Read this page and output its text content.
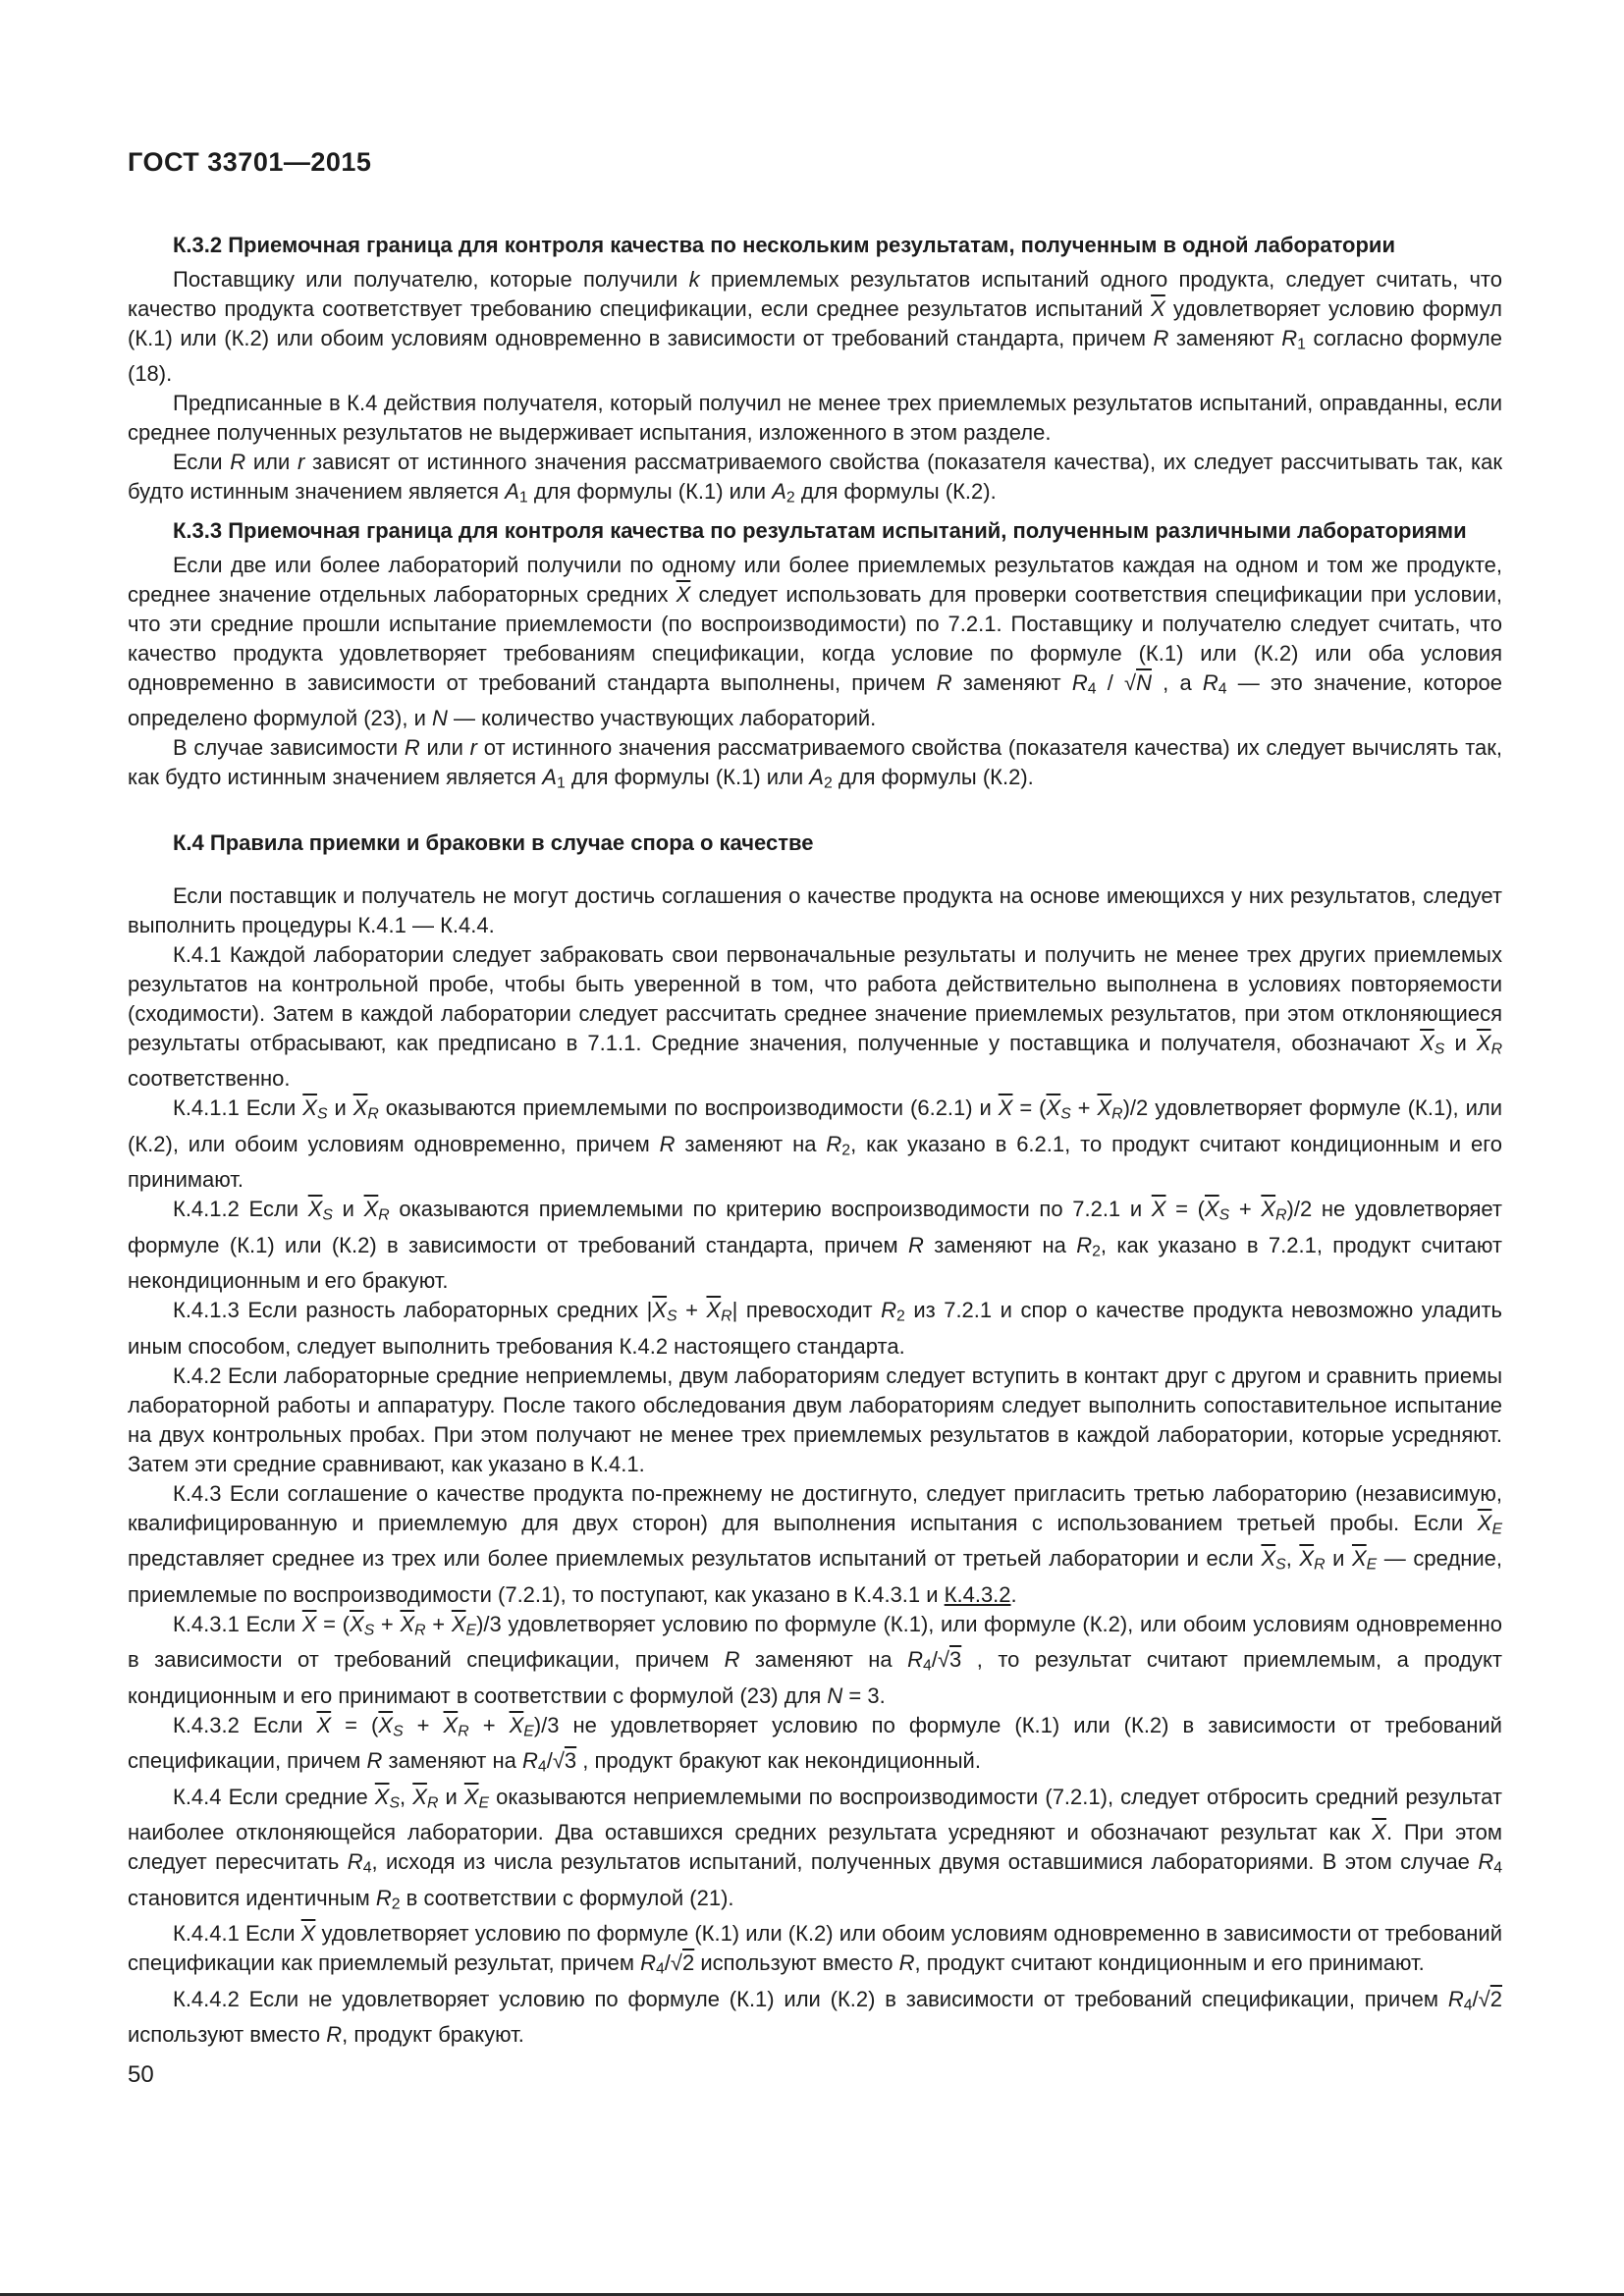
ГОСТ 33701—2015

К.3.2 Приемочная граница для контроля качества по нескольким результатам, полученным в одной лаборатории

Поставщику или получателю, которые получили k приемлемых результатов испытаний одного продукта, следует считать, что качество продукта соответствует требованию спецификации, если среднее результатов испытаний $\overline{X}$ удовлетворяет условию формул (К.1) или (К.2) или обоим условиям одновременно в зависимости от требований стандарта, причем R заменяют R1 согласно формуле (18).

Предписанные в К.4 действия получателя, который получил не менее трех приемлемых результатов испытаний, оправданны, если среднее полученных результатов не выдерживает испытания, изложенного в этом разделе.

Если R или r зависят от истинного значения рассматриваемого свойства (показателя качества), их следует рассчитывать так, как будто истинным значением является A1 для формулы (К.1) или A2 для формулы (К.2).

К.3.3 Приемочная граница для контроля качества по результатам испытаний, полученным различными лабораториями

Если две или более лабораторий получили по одному или более приемлемых результатов каждая на одном и том же продукте, среднее значение отдельных лабораторных средних $\overline{X}$ следует использовать для проверки соответствия спецификации при условии, что эти средние прошли испытание приемлемости (по воспроизводимости) по 7.2.1. Поставщику и получателю следует считать, что качество продукта удовлетворяет требованиям спецификации, когда условие по формуле (К.1) или (К.2) или оба условия одновременно в зависимости от требований стандарта выполнены, причем R заменяют R4 / √N , а R4 — это значение, которое определено формулой (23), и N — количество участвующих лабораторий.

В случае зависимости R или r от истинного значения рассматриваемого свойства (показателя качества) их следует вычислять так, как будто истинным значением является A1 для формулы (К.1) или A2 для формулы (К.2).

К.4 Правила приемки и браковки в случае спора о качестве

Если поставщик и получатель не могут достичь соглашения о качестве продукта на основе имеющихся у них результатов, следует выполнить процедуры К.4.1 — К.4.4.

К.4.1 Каждой лаборатории следует забраковать свои первоначальные результаты и получить не менее трех других приемлемых результатов на контрольной пробе, чтобы быть уверенной в том, что работа действительно выполнена в условиях повторяемости (сходимости). Затем в каждой лаборатории следует рассчитать среднее значение приемлемых результатов, при этом отклоняющиеся результаты отбрасывают, как предписано в 7.1.1. Средние значения, полученные у поставщика и получателя, обозначают $\overline{X}S$ и $\overline{X}R$ соответственно.

К.4.1.1 Если $\overline{X}S$ и $\overline{X}R$ оказываются приемлемыми по воспроизводимости (6.2.1) и $\overline{X} = (\overline{X}S + \overline{X}R)/2$ удовлетворяет формуле (К.1), или (К.2), или обоим условиям одновременно, причем R заменяют на R2, как указано в 6.2.1, то продукт считают кондиционным и его принимают.

К.4.1.2 Если $\overline{X}S$ и $\overline{X}R$ оказываются приемлемыми по критерию воспроизводимости по 7.2.1 и $\overline{X} = (\overline{X}S + \overline{X}R)/2$ не удовлетворяет формуле (К.1) или (К.2) в зависимости от требований стандарта, причем R заменяют на R2, как указано в 7.2.1, продукт считают некондиционным и его бракуют.

К.4.1.3 Если разность лабораторных средних $|\overline{X}S + \overline{X}R|$ превосходит R2 из 7.2.1 и спор о качестве продукта невозможно уладить иным способом, следует выполнить требования К.4.2 настоящего стандарта.

К.4.2 Если лабораторные средние неприемлемы, двум лабораториям следует вступить в контакт друг с другом и сравнить приемы лабораторной работы и аппаратуру. После такого обследования двум лабораториям следует выполнить сопоставительное испытание на двух контрольных пробах. При этом получают не менее трех приемлемых результатов в каждой лаборатории, которые усредняют. Затем эти средние сравнивают, как указано в К.4.1.

К.4.3 Если соглашение о качестве продукта по-прежнему не достигнуто, следует пригласить третью лабораторию (независимую, квалифицированную и приемлемую для двух сторон) для выполнения испытания с использованием третьей пробы. Если $\overline{X}E$ представляет среднее из трех или более приемлемых результатов испытаний от третьей лаборатории и если $\overline{X}S$, $\overline{X}R$ и $\overline{X}E$ — средние, приемлемые по воспроизводимости (7.2.1), то поступают, как указано в К.4.3.1 и К.4.3.2.

К.4.3.1 Если $\overline{X} = (\overline{X}S + \overline{X}R + \overline{X}E)/3$ удовлетворяет условию по формуле (К.1), или формуле (К.2), или обоим условиям одновременно в зависимости от требований спецификации, причем R заменяют на R4/√3 , то результат считают приемлемым, а продукт кондиционным и его принимают в соответствии с формулой (23) для N = 3.

К.4.3.2 Если $\overline{X} = (\overline{X}S + \overline{X}R + \overline{X}E)/3$ не удовлетворяет условию по формуле (К.1) или (К.2) в зависимости от требований спецификации, причем R заменяют на R4/√3 , продукт бракуют как некондиционный.

К.4.4 Если средние $\overline{X}S$, $\overline{X}R$ и $\overline{X}E$ оказываются неприемлемыми по воспроизводимости (7.2.1), следует отбросить средний результат наиболее отклоняющейся лаборатории. Два оставшихся средних результата усредняют и обозначают результат как $\overline{X}$. При этом следует пересчитать R4, исходя из числа результатов испытаний, полученных двумя оставшимися лабораториями. В этом случае R4 становится идентичным R2 в соответствии с формулой (21).

К.4.4.1 Если $\overline{X}$ удовлетворяет условию по формуле (К.1) или (К.2) или обоим условиям одновременно в зависимости от требований спецификации как приемлемый результат, причем R4/√2 используют вместо R, продукт считают кондиционным и его принимают.

К.4.4.2 Если не удовлетворяет условию по формуле (К.1) или (К.2) в зависимости от требований спецификации, причем R4/√2 используют вместо R, продукт бракуют.

50
